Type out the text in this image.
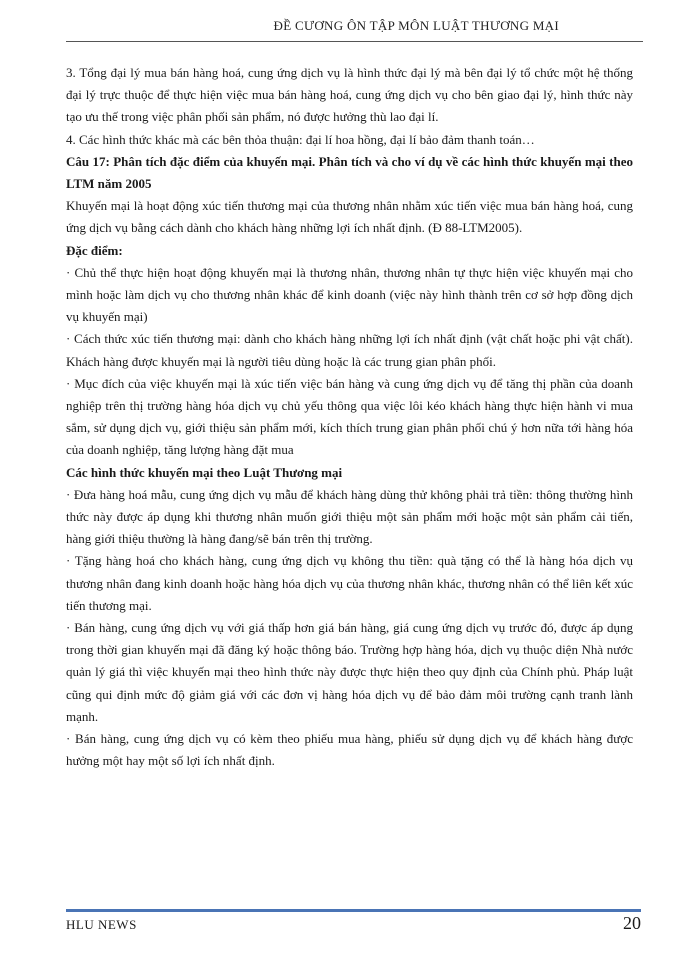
ĐỀ CƯƠNG ÔN TẬP MÔN LUẬT THƯƠNG MẠI

3. Tổng đại lý mua bán hàng hoá, cung ứng dịch vụ là hình thức đại lý mà bên đại lý tổ chức một hệ thống đại lý trực thuộc để thực hiện việc mua bán hàng hoá, cung ứng dịch vụ cho bên giao đại lý, hình thức này tạo ưu thế trong việc phân phối sản phẩm, nó được hưởng thù lao đại lí.

4. Các hình thức khác mà các bên thỏa thuận: đại lí hoa hồng, đại lí bảo đảm thanh toán…

Câu 17: Phân tích đặc điểm của khuyến mại. Phân tích và cho ví dụ về các hình thức khuyến mại theo LTM năm 2005

Khuyến mại là hoạt động xúc tiến thương mại của thương nhân nhằm xúc tiến việc mua bán hàng hoá, cung ứng dịch vụ bằng cách dành cho khách hàng những lợi ích nhất định. (Đ 88-LTM2005).

Đặc điểm:

· Chủ thể thực hiện hoạt động khuyến mại là thương nhân, thương nhân tự thực hiện việc khuyến mại cho mình hoặc làm dịch vụ cho thương nhân khác để kinh doanh (việc này hình thành trên cơ sở hợp đồng dịch vụ khuyến mại)

· Cách thức xúc tiến thương mại: dành cho khách hàng những lợi ích nhất định (vật chất hoặc phi vật chất). Khách hàng được khuyến mại là người tiêu dùng hoặc là các trung gian phân phối.

· Mục đích của việc khuyến mại là xúc tiến việc bán hàng và cung ứng dịch vụ để tăng thị phần của doanh nghiệp trên thị trường hàng hóa dịch vụ chủ yếu thông qua việc lôi kéo khách hàng thực hiện hành vi mua sắm, sử dụng dịch vụ, giới thiệu sản phẩm mới, kích thích trung gian phân phối chú ý hơn nữa tới hàng hóa của doanh nghiệp, tăng lượng hàng đặt mua

Các hình thức khuyến mại theo Luật Thương mại

· Đưa hàng hoá mẫu, cung ứng dịch vụ mẫu để khách hàng dùng thử không phải trả tiền: thông thường hình thức này được áp dụng khi thương nhân muốn giới thiệu một sản phẩm mới hoặc một sản phẩm cải tiến, hàng giới thiệu thường là hàng đang/sẽ bán trên thị trường.

· Tặng hàng hoá cho khách hàng, cung ứng dịch vụ không thu tiền: quà tặng có thể là hàng hóa dịch vụ thương nhân đang kinh doanh hoặc hàng hóa dịch vụ của thương nhân khác, thương nhân có thể liên kết xúc tiến thương mại.

· Bán hàng, cung ứng dịch vụ với giá thấp hơn giá bán hàng, giá cung ứng dịch vụ trước đó, được áp dụng trong thời gian khuyến mại đã đăng ký hoặc thông báo. Trường hợp hàng hóa, dịch vụ thuộc diện Nhà nước quản lý giá thì việc khuyến mại theo hình thức này được thực hiện theo quy định của Chính phủ. Pháp luật cũng qui định mức độ giảm giá với các đơn vị hàng hóa dịch vụ để bảo đảm môi trường cạnh tranh lành mạnh.

· Bán hàng, cung ứng dịch vụ có kèm theo phiếu mua hàng, phiếu sử dụng dịch vụ để khách hàng được hưởng một hay một số lợi ích nhất định.

HLU NEWS	20
